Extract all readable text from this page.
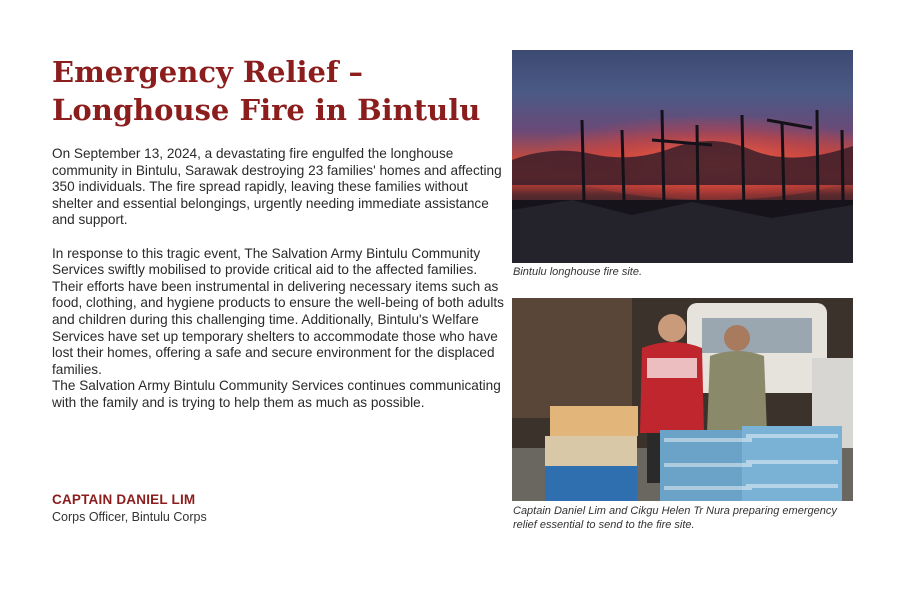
Emergency Relief –
Longhouse Fire in Bintulu

On September 13, 2024, a devastating fire engulfed the longhouse community in Bintulu, Sarawak destroying 23 families' homes and affecting 350 individuals. The fire spread rapidly, leaving these families without shelter and essential belongings, urgently needing immediate assistance and support.

In response to this tragic event, The Salvation Army Bintulu Community Services swiftly mobilised to provide critical aid to the affected families. Their efforts have been instrumental in delivering necessary items such as food, clothing, and hygiene products to ensure the well-being of both adults and children during this challenging time. Additionally, Bintulu's Welfare Services have set up temporary shelters to accommodate those who have lost their homes, offering a safe and secure environment for the displaced families.

The Salvation Army Bintulu Community Services continues communicating with the family and is trying to help them as much as possible.

CAPTAIN DANIEL LIM
Corps Officer, Bintulu Corps
Bintulu longhouse fire site.
Captain Daniel Lim and Cikgu Helen Tr Nura preparing emergency relief essential to send to the fire site.
